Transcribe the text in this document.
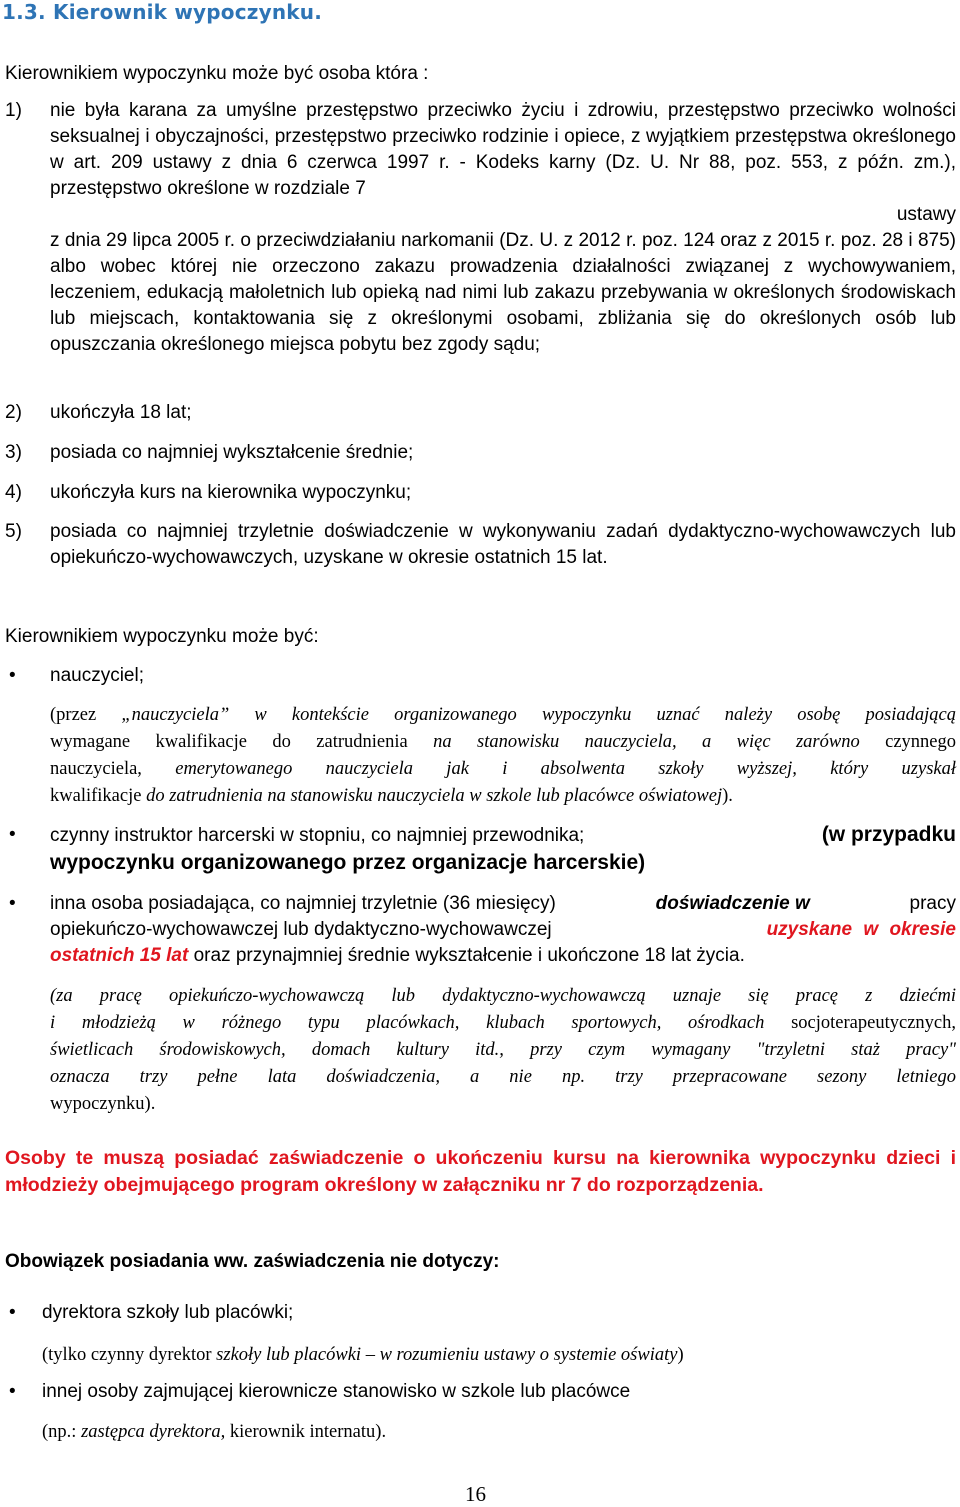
1.3. Kierownik wypoczynku.
Kierownikiem wypoczynku może być osoba która :
1) nie była karana za umyślne przestępstwo przeciwko życiu i zdrowiu, przestępstwo przeciwko wolności seksualnej i obyczajności, przestępstwo przeciwko rodzinie i opiece, z wyjątkiem przestępstwa określonego w art. 209 ustawy z dnia 6 czerwca 1997 r. - Kodeks karny (Dz. U. Nr 88, poz. 553, z późn. zm.), przestępstwo określone w rozdziale 7
ustawy
z dnia 29 lipca 2005 r. o przeciwdziałaniu narkomanii (Dz. U. z 2012 r. poz. 124 oraz z 2015 r. poz. 28 i 875) albo wobec której nie orzeczono zakazu prowadzenia działalności związanej z wychowywaniem, leczeniem, edukacją małoletnich lub opieką nad nimi lub zakazu przebywania w określonych środowiskach lub miejscach, kontaktowania się z określonymi osobami, zbliżania się do określonych osób lub opuszczania określonego miejsca pobytu bez zgody sądu;
2) ukończyła 18 lat;
3) posiada co najmniej wykształcenie średnie;
4) ukończyła kurs na kierownika wypoczynku;
5) posiada co najmniej trzyletnie doświadczenie w wykonywaniu zadań dydaktyczno-wychowawczych lub opiekuńczo-wychowawczych, uzyskane w okresie ostatnich 15 lat.
Kierownikiem wypoczynku może być:
• nauczyciel;
(przez „nauczyciela” w kontekście organizowanego wypoczynku uznać należy osobę posiadającą
wymagane kwalifikacje do zatrudnienia na stanowisku nauczyciela, a więc zarówno czynnego
nauczyciela, emerytowanego nauczyciela jak i absolwenta szkoły wyższej, który uzyskał
kwalifikacje do zatrudnienia na stanowisku nauczyciela w szkole lub placówce oświatowej).
• czynny instruktor harcerski w stopniu, co najmniej przewodnika;	(w przypadku
wypoczynku organizowanego przez organizacje harcerskie)
• inna osoba posiadająca, co najmniej trzyletnie (36 miesięcy)	doświadczenie w	pracy
opiekuńczo-wychowawczej lub dydaktyczno-wychowawczej	uzyskane w okresie
ostatnich 15 lat oraz przynajmniej średnie wykształcenie i ukończone 18 lat życia.
(za pracę opiekuńczo-wychowawczą lub dydaktyczno-wychowawczą uznaje się pracę z dziećmi
i młodzieżą w różnego typu placówkach, klubach sportowych, ośrodkach socjoterapeutycznych,
świetlicach środowiskowych, domach kultury itd., przy czym wymagany "trzyletni staż pracy"
oznacza trzy pełne lata doświadczenia, a nie np. trzy przepracowane sezony letniego
wypoczynku).
Osoby te muszą posiadać zaświadczenie o ukończeniu kursu na kierownika wypoczynku dzieci i młodzieży obejmującego program określony w załączniku nr 7 do rozporządzenia.
Obowiązek posiadania ww. zaświadczenia nie dotyczy:
• dyrektora szkoły lub placówki;
(tylko czynny dyrektor szkoły lub placówki – w rozumieniu ustawy o systemie oświaty)
• innej osoby zajmującej kierownicze stanowisko w szkole lub placówce
(np.: zastępca dyrektora, kierownik internatu).
16
